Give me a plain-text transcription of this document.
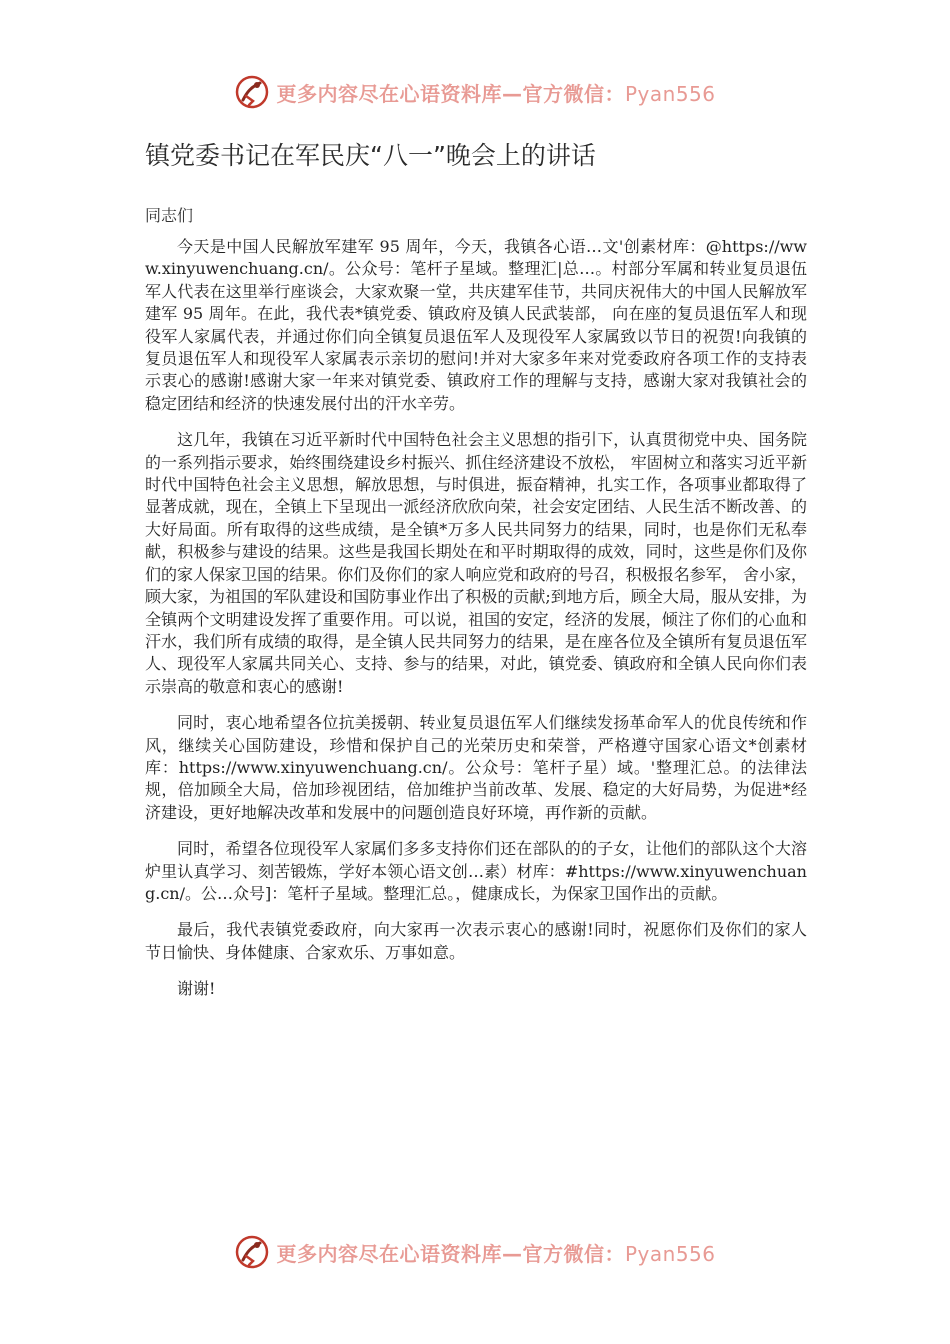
更多内容尽在心语资料库—官方微信：Pyan556
镇党委书记在军民庆“八一”晚会上的讲话
同志们

今天是中国人民解放军建军 95 周年，今天，我镇各心语…文'创素材库：@https://www.xinyuwenchuang.cn/。公众号：笔杆子星域。整理汇|总…。村部分军属和转业复员退伍军人代表在这里举行座谈会，大家欢聚一堂，共庆建军佳节，共同庆祝伟大的中国人民解放军建军 95 周年。在此，我代表*镇党委、镇政府及镇人民武装部， 向在座的复员退伍军人和现役军人家属代表，并通过你们向全镇复员退伍军人及现役军人家属致以节日的祝贺!向我镇的复员退伍军人和现役军人家属表示亲切的慰问!并对大家多年来对党委政府各项工作的支持表示衷心的感谢!感谢大家一年来对镇党委、镇政府工作的理解与支持，感谢大家对我镇社会的稳定团结和经济的快速发展付出的汗水辛劳。

这几年，我镇在习近平新时代中国特色社会主义思想的指引下，认真贯彻党中央、国务院的一系列指示要求，始终围绕建设乡村振兴、抓住经济建设不放松， 牢固树立和落实习近平新时代中国特色社会主义思想，解放思想，与时俱进，振奋精神，扎实工作，各项事业都取得了显著成就，现在，全镇上下呈现出一派经济欣欣向荣，社会安定团结、人民生活不断改善、的大好局面。所有取得的这些成绩，是全镇*万多人民共同努力的结果，同时，也是你们无私奉献，积极参与建设的结果。这些是我国长期处在和平时期取得的成效，同时，这些是你们及你们的家人保家卫国的结果。你们及你们的家人响应党和政府的号召，积极报名参军， 舍小家，顾大家，为祖国的军队建设和国防事业作出了积极的贡献;到地方后，顾全大局，服从安排，为全镇两个文明建设发挥了重要作用。可以说，祖国的安定，经济的发展，倾注了你们的心血和汗水，我们所有成绩的取得，是全镇人民共同努力的结果，是在座各位及全镇所有复员退伍军人、现役军人家属共同关心、支持、参与的结果，对此，镇党委、镇政府和全镇人民向你们表示崇高的敬意和衷心的感谢!

同时，衷心地希望各位抗美援朝、转业复员退伍军人们继续发扬革命军人的优良传统和作风，继续关心国防建设，珍惜和保护自己的光荣历史和荣誉，严格遵守国家心语文*创素材库：https://www.xinyuwenchuang.cn/。公众号：笔杆子星）域。'整理汇总。的法律法规，倍加顾全大局，倍加珍视团结，倍加维护当前改革、发展、稳定的大好局势，为促进*经济建设，更好地解决改革和发展中的问题创造良好环境，再作新的贡献。

同时，希望各位现役军人家属们多多支持你们还在部队的的子女，让他们的部队这个大溶炉里认真学习、刻苦锻炼，学好本领心语文创…素）材库：#https://www.xinyuwenchuang.cn/。公…众号]：笔杆子星域。整理汇总。，健康成长，为保家卫国作出的贡献。

最后，我代表镇党委政府，向大家再一次表示衷心的感谢!同时，祝愿你们及你们的家人节日愉快、身体健康、合家欢乐、万事如意。

谢谢!

更多内容尽在心语资料库—官方微信：Pyan556
